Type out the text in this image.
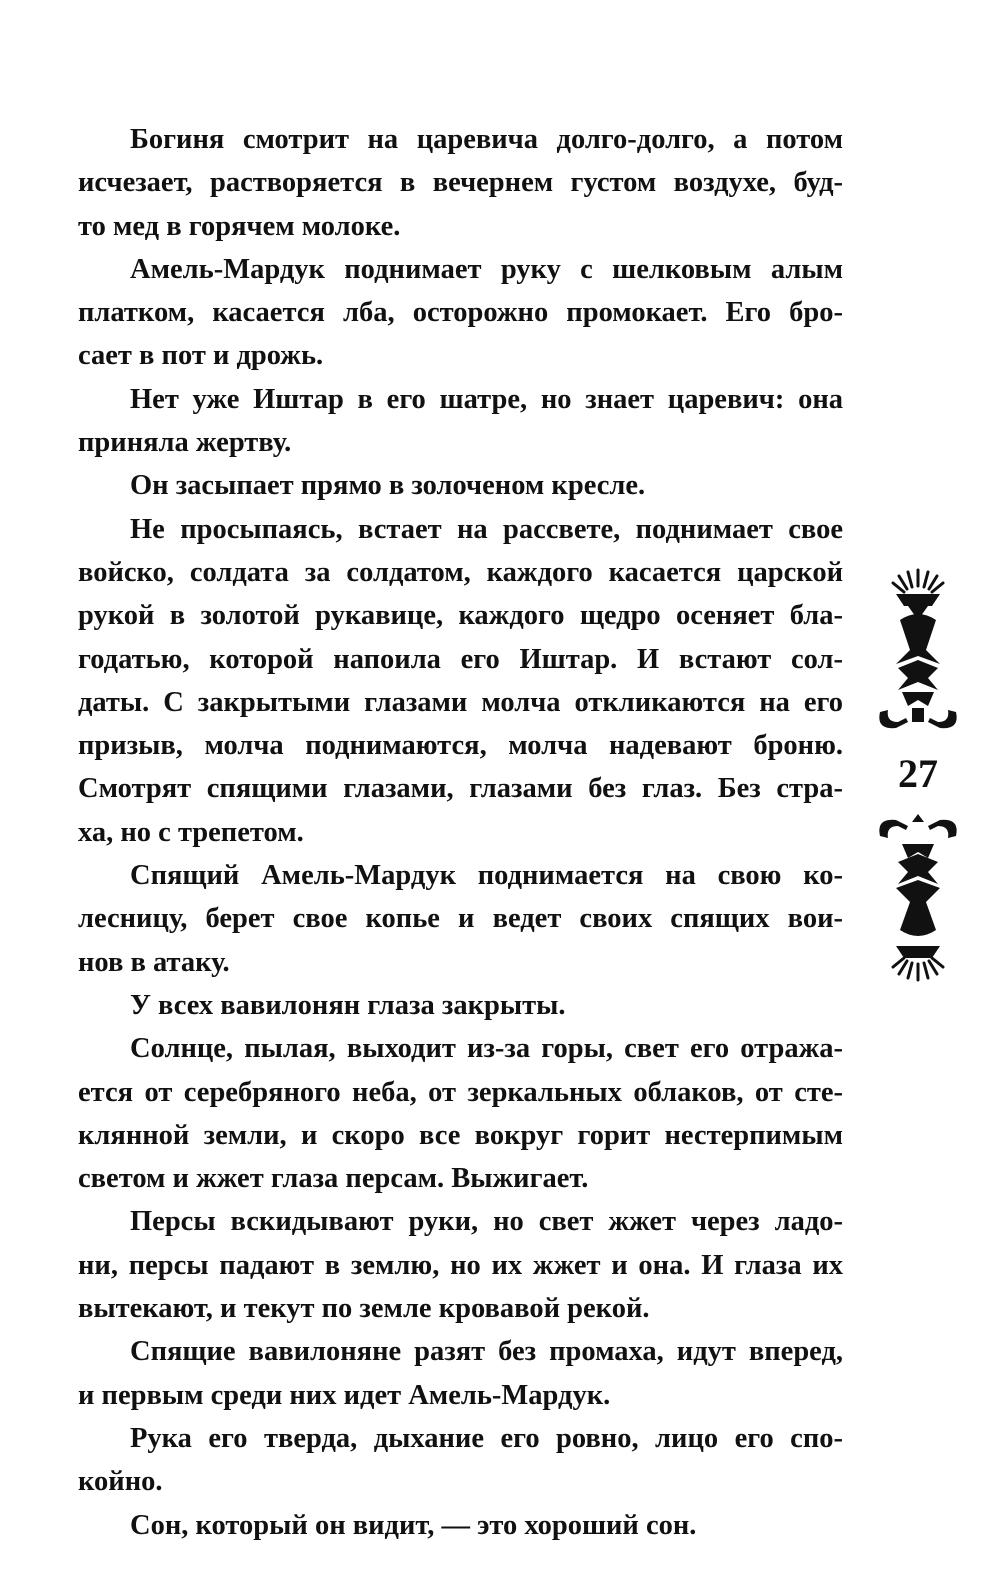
Богиня смотрит на царевича долго-долго, а потом
исчезает, растворяется в вечернем густом воздухе, буд-
то мед в горячем молоке.
Амель-Мардук поднимает руку с шелковым алым
платком, касается лба, осторожно промокает. Его бро-
сает в пот и дрожь.
Нет уже Иштар в его шатре, но знает царевич: она
приняла жертву.
Он засыпает прямо в золоченом кресле.
Не просыпаясь, встает на рассвете, поднимает свое
войско, солдата за солдатом, каждого касается царской
рукой в золотой рукавице, каждого щедро осеняет бла-
годатью, которой напоила его Иштар. И встают сол-
даты. С закрытыми глазами молча откликаются на его
призыв, молча поднимаются, молча надевают броню.
Смотрят спящими глазами, глазами без глаз. Без стра-
ха, но с трепетом.
Спящий Амель-Мардук поднимается на свою ко-
лесницу, берет свое копье и ведет своих спящих вои-
нов в атаку.
У всех вавилонян глаза закрыты.
Солнце, пылая, выходит из-за горы, свет его отража-
ется от серебряного неба, от зеркальных облаков, от сте-
клянной земли, и скоро все вокруг горит нестерпимым
светом и жжет глаза персам. Выжигает.
Персы вскидывают руки, но свет жжет через ладо-
ни, персы падают в землю, но их жжет и она. И глаза их
вытекают, и текут по земле кровавой рекой.
Спящие вавилоняне разят без промаха, идут вперед,
и первым среди них идет Амель-Мардук.
Рука его тверда, дыхание его ровно, лицо его спо-
койно.
Сон, который он видит, — это хороший сон.
27
